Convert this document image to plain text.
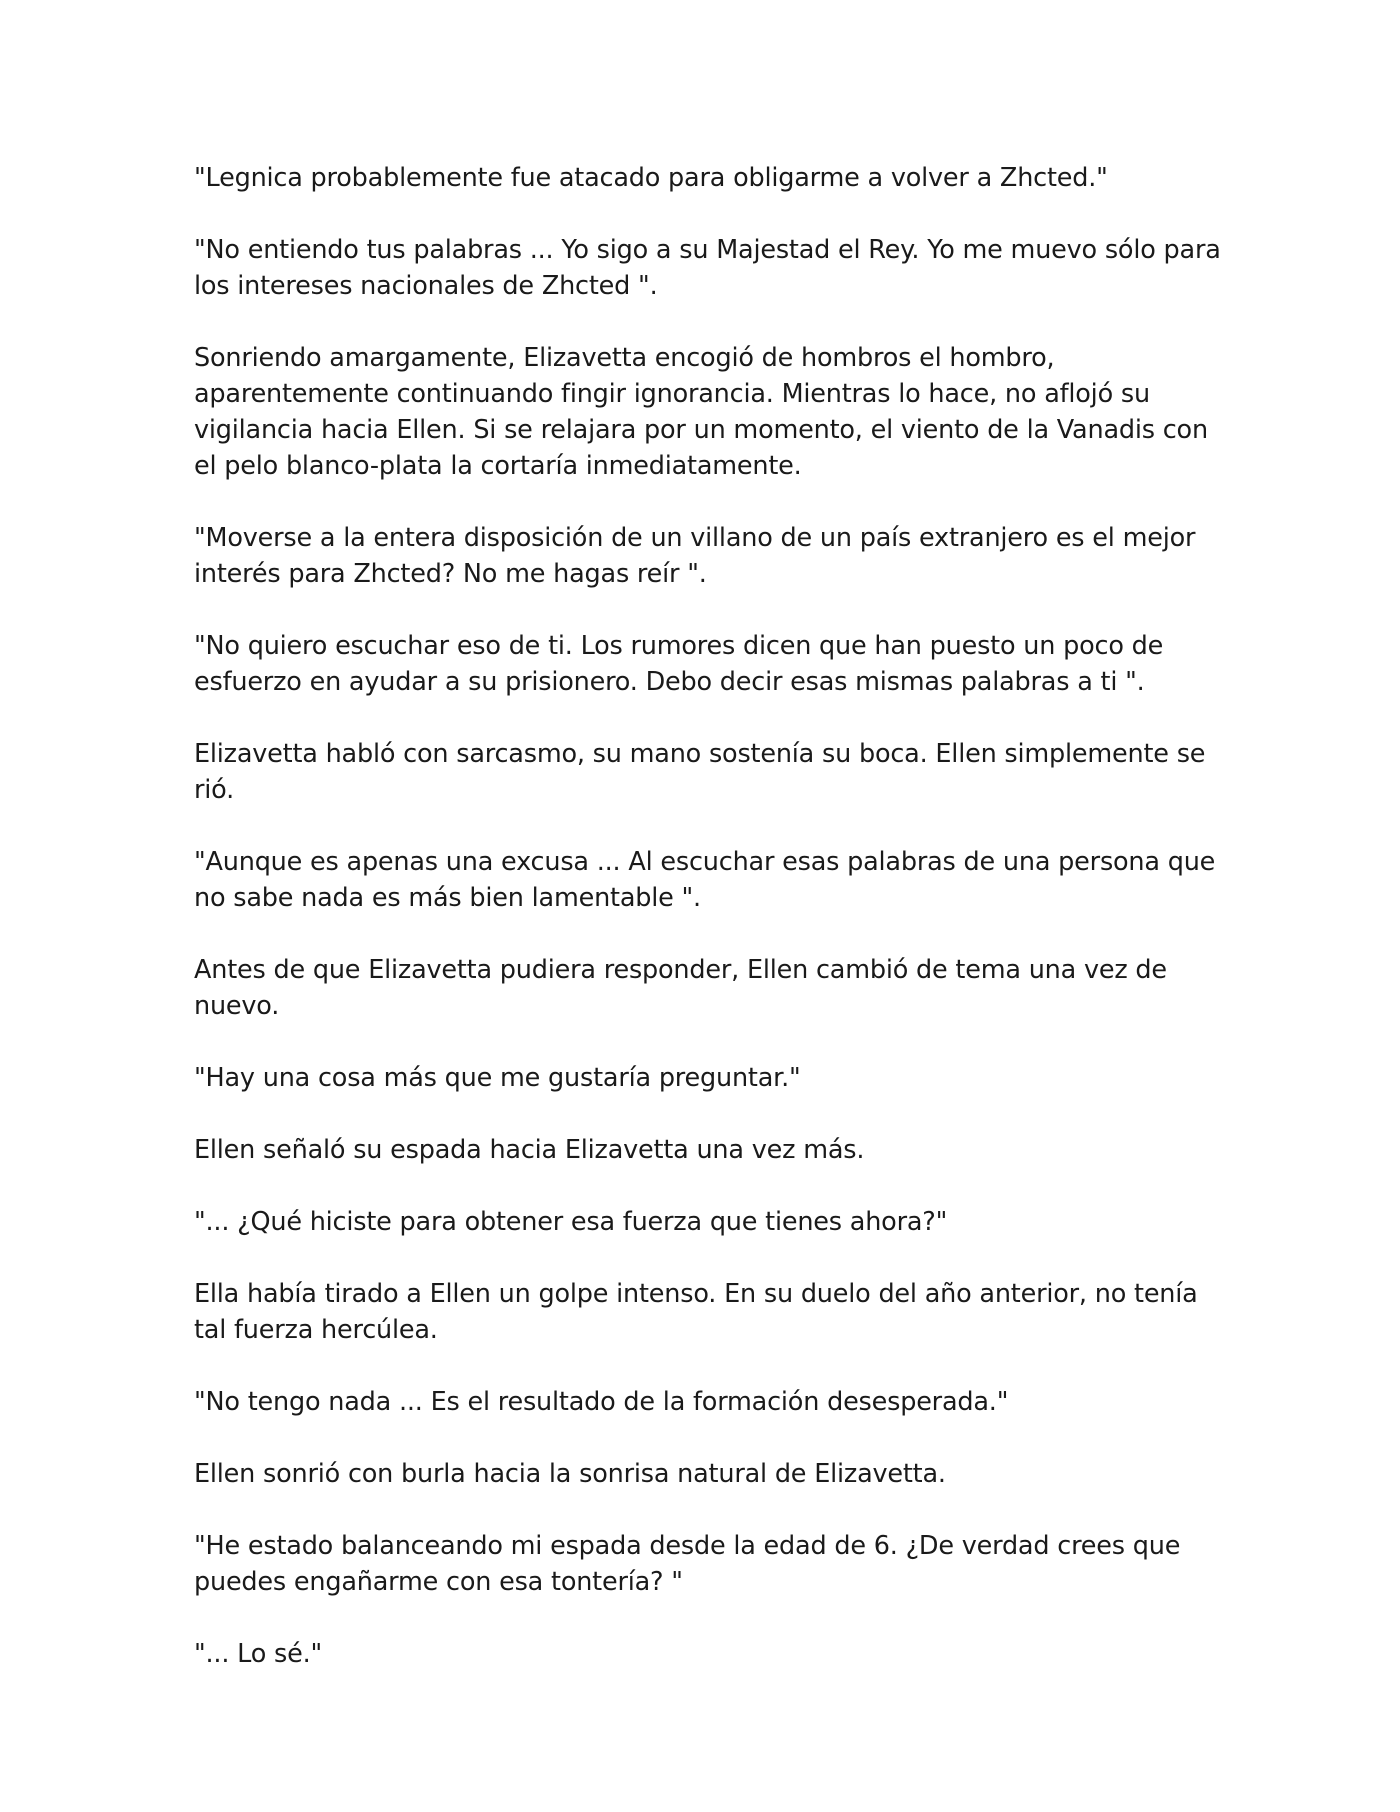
"Legnica probablemente fue atacado para obligarme a volver a Zhcted."

"No entiendo tus palabras ... Yo sigo a su Majestad el Rey. Yo me muevo sólo para los intereses nacionales de Zhcted ".

Sonriendo amargamente, Elizavetta encogió de hombros el hombro, aparentemente continuando fingir ignorancia. Mientras lo hace, no aflojó su vigilancia hacia Ellen. Si se relajara por un momento, el viento de la Vanadis con el pelo blanco-plata la cortaría inmediatamente.

"Moverse a la entera disposición de un villano de un país extranjero es el mejor interés para Zhcted? No me hagas reír ".

"No quiero escuchar eso de ti. Los rumores dicen que han puesto un poco de esfuerzo en ayudar a su prisionero. Debo decir esas mismas palabras a ti ".

Elizavetta habló con sarcasmo, su mano sostenía su boca. Ellen simplemente se rió.

"Aunque es apenas una excusa ... Al escuchar esas palabras de una persona que no sabe nada es más bien lamentable ".

Antes de que Elizavetta pudiera responder, Ellen cambió de tema una vez de nuevo.

"Hay una cosa más que me gustaría preguntar."

Ellen señaló su espada hacia Elizavetta una vez más.

"... ¿Qué hiciste para obtener esa fuerza que tienes ahora?"

Ella había tirado a Ellen un golpe intenso. En su duelo del año anterior, no tenía tal fuerza hercúlea.

"No tengo nada ... Es el resultado de la formación desesperada."

Ellen sonrió con burla hacia la sonrisa natural de Elizavetta.

"He estado balanceando mi espada desde la edad de 6. ¿De verdad crees que puedes engañarme con esa tontería? "

"... Lo sé."
